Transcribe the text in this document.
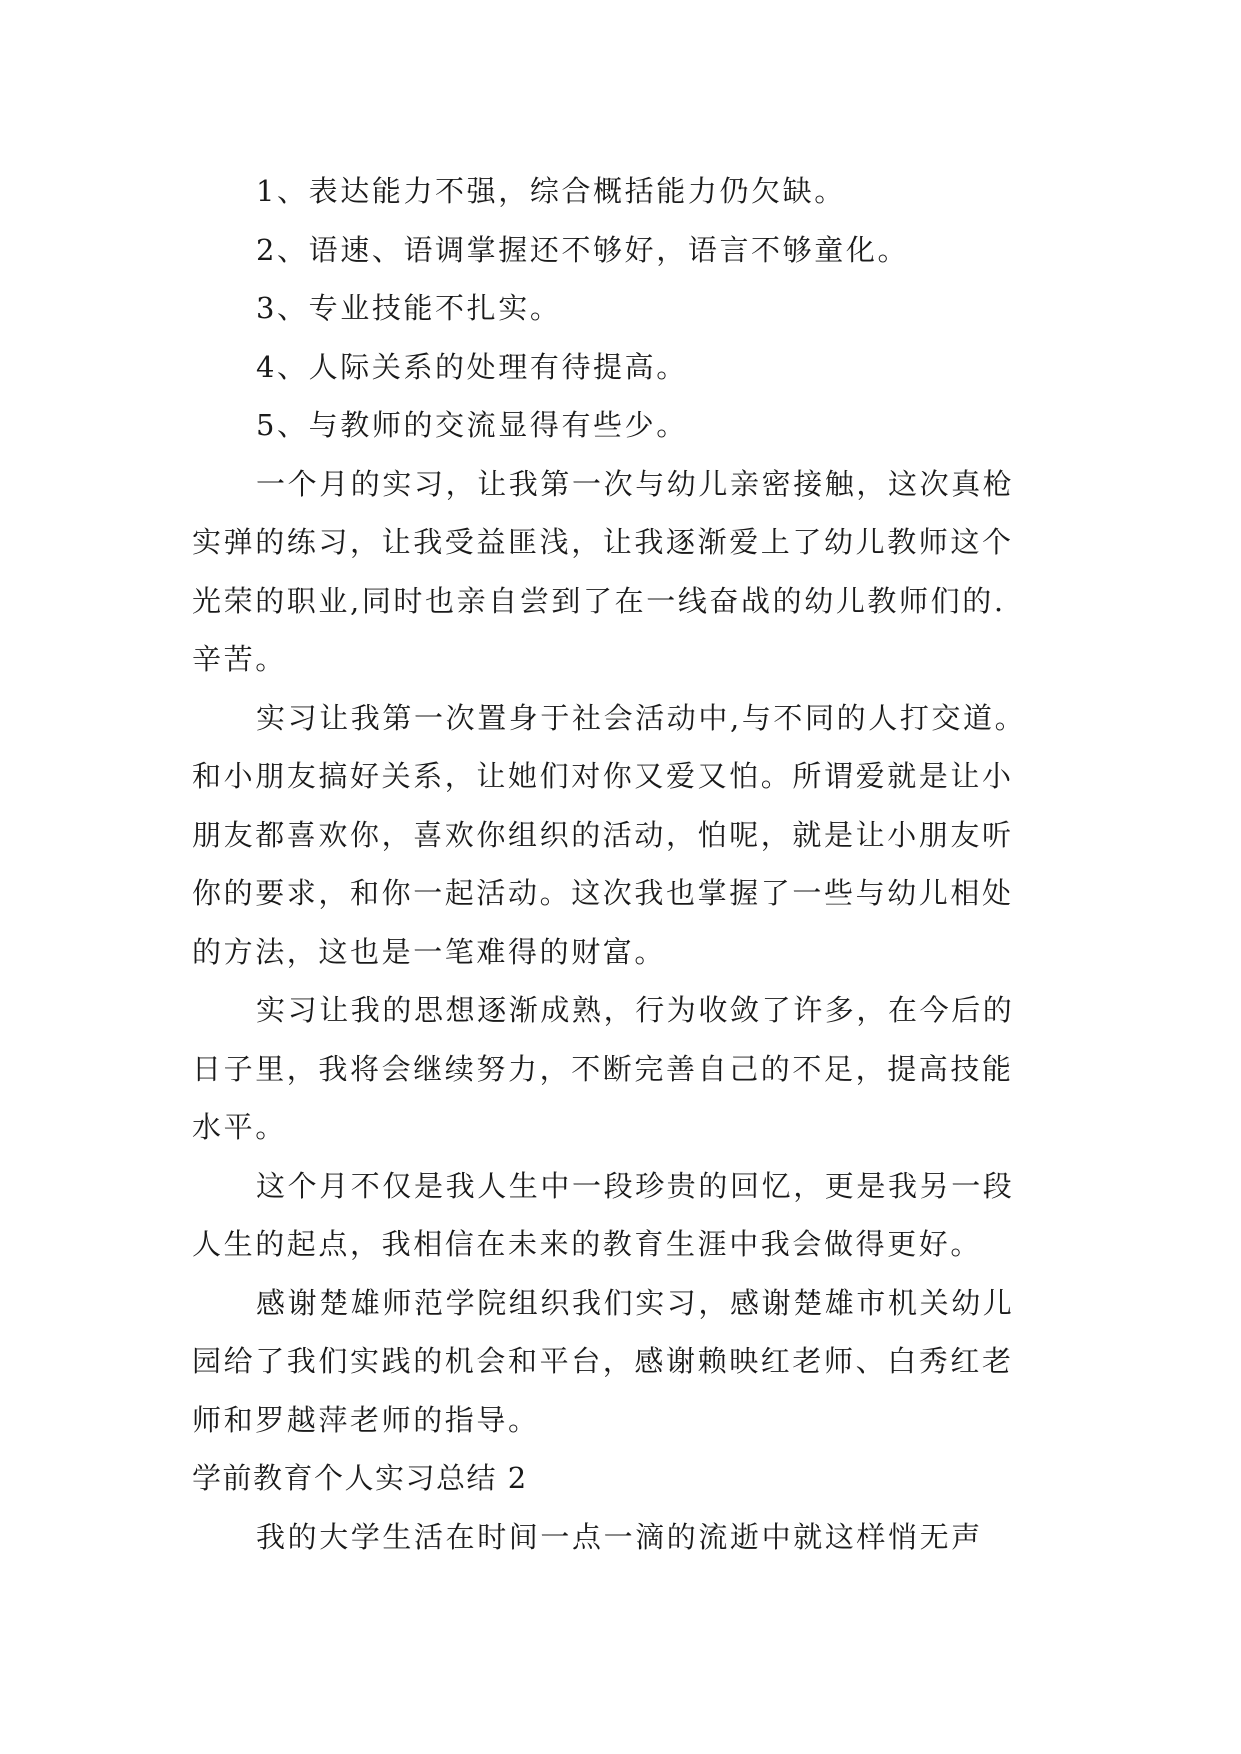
1、表达能力不强，综合概括能力仍欠缺。
2、语速、语调掌握还不够好，语言不够童化。
3、专业技能不扎实。
4、人际关系的处理有待提高。
5、与教师的交流显得有些少。
一个月的实习，让我第一次与幼儿亲密接触，这次真枪
实弹的练习，让我受益匪浅，让我逐渐爱上了幼儿教师这个
光荣的职业,同时也亲自尝到了在一线奋战的幼儿教师们的.
辛苦。
实习让我第一次置身于社会活动中,与不同的人打交道。
和小朋友搞好关系，让她们对你又爱又怕。所谓爱就是让小
朋友都喜欢你，喜欢你组织的活动，怕呢，就是让小朋友听
你的要求，和你一起活动。这次我也掌握了一些与幼儿相处
的方法，这也是一笔难得的财富。
实习让我的思想逐渐成熟，行为收敛了许多，在今后的
日子里，我将会继续努力，不断完善自己的不足，提高技能
水平。
这个月不仅是我人生中一段珍贵的回忆，更是我另一段
人生的起点，我相信在未来的教育生涯中我会做得更好。
感谢楚雄师范学院组织我们实习，感谢楚雄市机关幼儿
园给了我们实践的机会和平台，感谢赖映红老师、白秀红老
师和罗越萍老师的指导。
学前教育个人实习总结 2
我的大学生活在时间一点一滴的流逝中就这样悄无声
